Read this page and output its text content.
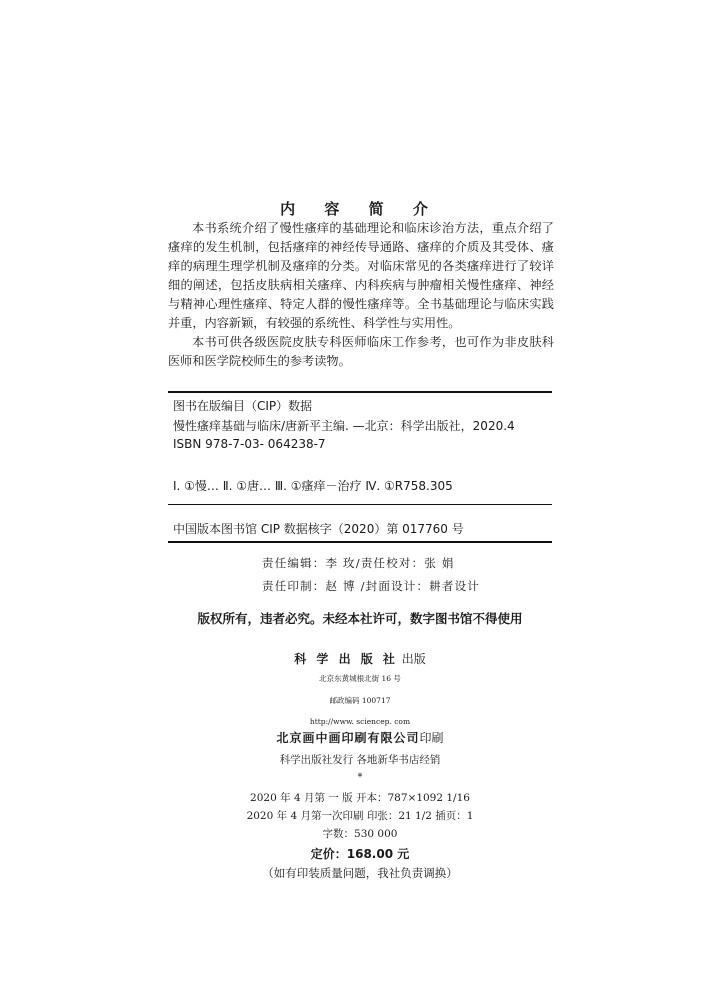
内 容 简 介

本书系统介绍了慢性瘙痒的基础理论和临床诊治方法，重点介绍了瘙痒的发生机制，包括瘙痒的神经传导通路、瘙痒的介质及其受体、瘙痒的病理生理学机制及瘙痒的分类。对临床常见的各类瘙痒进行了较详细的阐述，包括皮肤病相关瘙痒、内科疾病与肿瘤相关慢性瘙痒、神经与精神心理性瘙痒、特定人群的慢性瘙痒等。全书基础理论与临床实践并重，内容新颖，有较强的系统性、科学性与实用性。

本书可供各级医院皮肤专科医师临床工作参考，也可作为非皮肤科医师和医学院校师生的参考读物。

图书在版编目（CIP）数据
慢性瘙痒基础与临床/唐新平主编. —北京：科学出版社，2020.4
ISBN 978-7-03- 064238-7
Ⅰ. ①慢… Ⅱ. ①唐… Ⅲ. ①瘙痒－治疗 Ⅳ. ①R758.305
中国版本图书馆 CIP 数据核字（2020）第 017760 号
责任编辑：李 玫/责任校对：张 娟
责任印制：赵 博 /封面设计：耕者设计
版权所有，违者必究。未经本社许可，数字图书馆不得使用
科 学 出 版 社 出版
北京东黄城根北街 16 号
邮政编码 100717
http://www. sciencep. com
北京画中画印刷有限公司印刷
科学出版社发行 各地新华书店经销
*
2020 年 4 月第 一 版 开本：787×1092 1/16
2020 年 4 月第一次印刷 印张：21 1/2 插页：1
字数：530 000
定价：168.00 元
（如有印装质量问题，我社负责调换）
